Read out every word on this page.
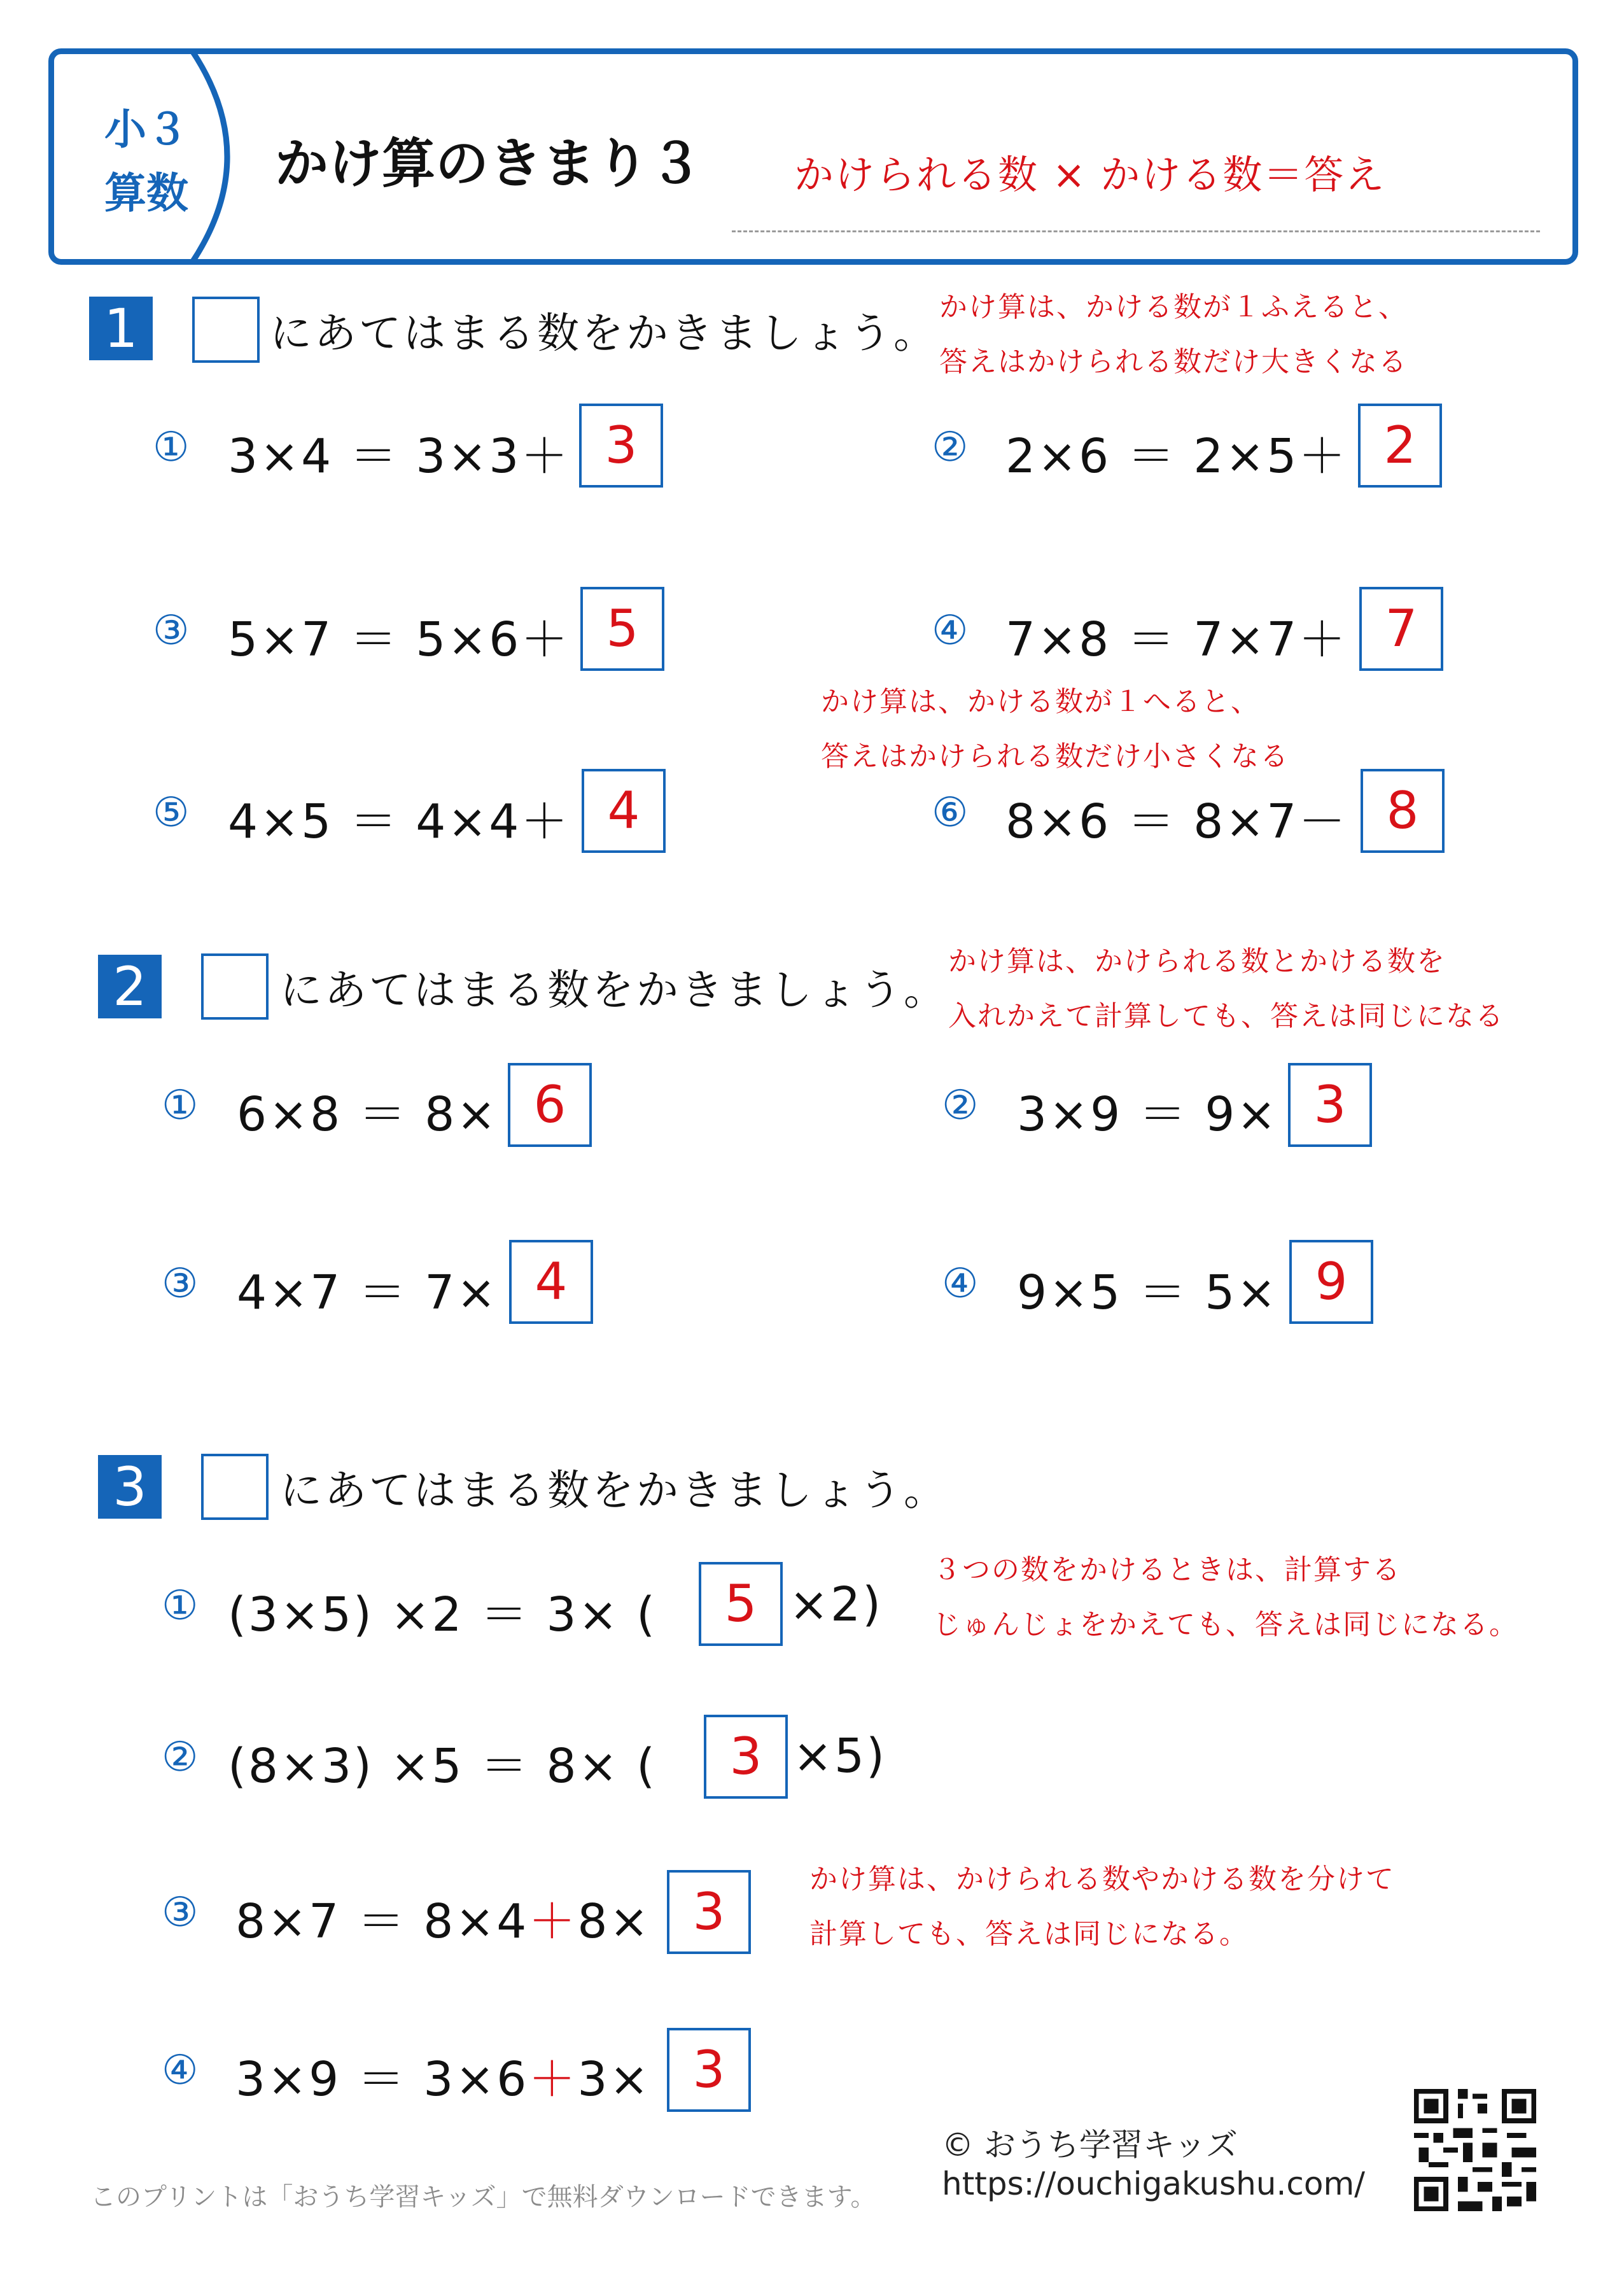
小３
算数	かけ算のきまり３ かけられる数 × かける数＝答え
1	にあてはまる数をかきましょう。
かけ算は、かける数が１ふえると、
答えはかけられる数だけ大きくなる
① 3×4 ＝ 3×3＋ 3	② 2×6 ＝ 2×5＋ 2
③ 5×7 ＝ 5×6＋ 5	④ 7×8 ＝ 7×7＋ 7
かけ算は、かける数が１へると、
答えはかけられる数だけ小さくなる
⑤ 4×5 ＝ 4×4＋ 4	⑥ 8×6 ＝ 8×7－ 8
2	にあてはまる数をかきましょう。
かけ算は、かけられる数とかける数を
入れかえて計算しても、答えは同じになる
① 6×8 ＝ 8× 6	② 3×9 ＝ 9× 3
③ 4×7 ＝ 7× 4	④ 9×5 ＝ 5× 9
3	にあてはまる数をかきましょう。
① (3×5) ×2 ＝ 3× (	5 ×2)
３つの数をかけるときは、計算する
じゅんじょをかえても、答えは同じになる。
② (8×3) ×5 ＝ 8× (	3 ×5)
かけ算は、かけられる数やかける数を分けて
計算しても、答えは同じになる。
③ 8×7 ＝ 8×4＋8× 3
④ 3×9 ＝ 3×6＋3× 3
© おうち学習キッズ
https://ouchigakushu.com/
このプリントは「おうち学習キッズ」で無料ダウンロードできます。
